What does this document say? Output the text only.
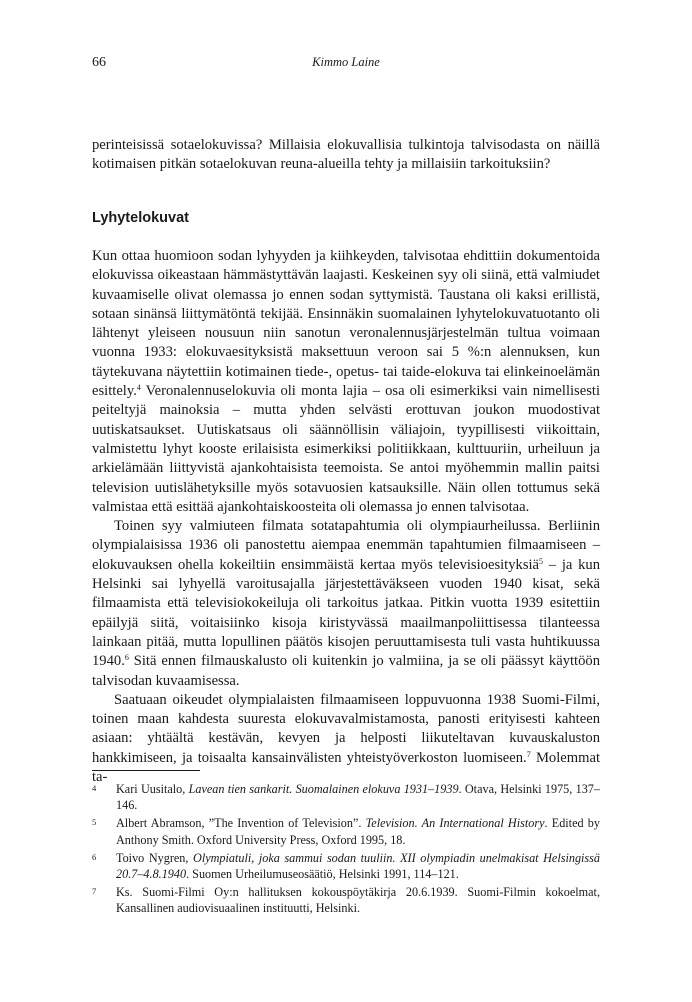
66	Kimmo Laine

perinteisissä sotaelokuvissa? Millaisia elokuvallisia tulkintoja talvisodasta on näillä kotimaisen pitkän sotaelokuvan reuna-alueilla tehty ja millaisiin tarkoituksiin?

Lyhytelokuvat

Kun ottaa huomioon sodan lyhyyden ja kiihkeyden, talvisotaa ehdittiin dokumentoida elokuvissa oikeastaan hämmästyttävän laajasti. Keskeinen syy oli siinä, että valmiudet kuvaamiselle olivat olemassa jo ennen sodan syttymistä. Taustana oli kaksi erillistä, sotaan sinänsä liittymätöntä tekijää. Ensinnäkin suomalainen lyhytelokuvatuotanto oli lähtenyt yleiseen nousuun niin sanotun veronalennusjärjestelmän tultua voimaan vuonna 1933: elokuvaesityksistä maksettuun veroon sai 5 %:n alennuksen, kun täytekuvana näytettiin kotimainen tiede-, opetus- tai taide-elokuva tai elinkeinoelämän esittely.$^4$ Veronalennuselokuvia oli monta lajia – osa oli esimerkiksi vain nimellisesti peiteltyjä mainoksia – mutta yhden selvästi erottuvan joukon muodostivat uutiskatsaukset. Uutiskatsaus oli säännöllisin väliajoin, tyypillisesti viikoittain, valmistettu lyhyt kooste erilaisista esimerkiksi politiikkaan, kulttuuriin, urheiluun ja arkielämään liittyvistä ajankohtaisista teemoista. Se antoi myöhemmin mallin paitsi television uutislähetyksille myös sotavuosien katsauksille. Näin ollen tottumus sekä valmistaa että esittää ajankohtaiskoosteita oli olemassa jo ennen talvisotaa.

Toinen syy valmiuteen filmata sotatapahtumia oli olympiaurheilussa. Berliinin olympialaisissa 1936 oli panostettu aiempaa enemmän tapahtumien filmaamiseen – elokuvauksen ohella kokeiltiin ensimmäistä kertaa myös televisioesityksiä$^5$ – ja kun Helsinki sai lyhyellä varoitusajalla järjestettäväkseen vuoden 1940 kisat, sekä filmaamista että televisiokokeiluja oli tarkoitus jatkaa. Pitkin vuotta 1939 esitettiin epäilyjä siitä, voitaisiinko kisoja kiristyvässä maailmanpoliittisessa tilanteessa lainkaan pitää, mutta lopullinen päätös kisojen peruuttamisesta tuli vasta huhtikuussa 1940.$^6$ Sitä ennen filmauskalusto oli kuitenkin jo valmiina, ja se oli päässyt käyttöön talvisodan kuvaamisessa.

Saatuaan oikeudet olympialaisten filmaamiseen loppuvuonna 1938 Suomi-Filmi, toinen maan kahdesta suuresta elokuvavalmistamosta, panosti erityisesti kahteen asiaan: yhtäältä kestävän, kevyen ja helposti liikuteltavan kuvauskaluston hankkimiseen, ja toisaalta kansainvälisten yhteistyöverkoston luomiseen.$^7$ Molemmat ta-

4	Kari Uusitalo, Lavean tien sankarit. Suomalainen elokuva 1931–1939. Otava, Helsinki 1975, 137–146.
5	Albert Abramson, ”The Invention of Television”. Television. An International History. Edited by Anthony Smith. Oxford University Press, Oxford 1995, 18.
6	Toivo Nygren, Olympiatuli, joka sammui sodan tuuliin. XII olympiadin unelmakisat Helsingissä 20.7–4.8.1940. Suomen Urheilumuseosäätiö, Helsinki 1991, 114–121.
7	Ks. Suomi-Filmi Oy:n hallituksen kokouspöytäkirja 20.6.1939. Suomi-Filmin kokoelmat, Kansallinen audiovisuaalinen instituutti, Helsinki.
